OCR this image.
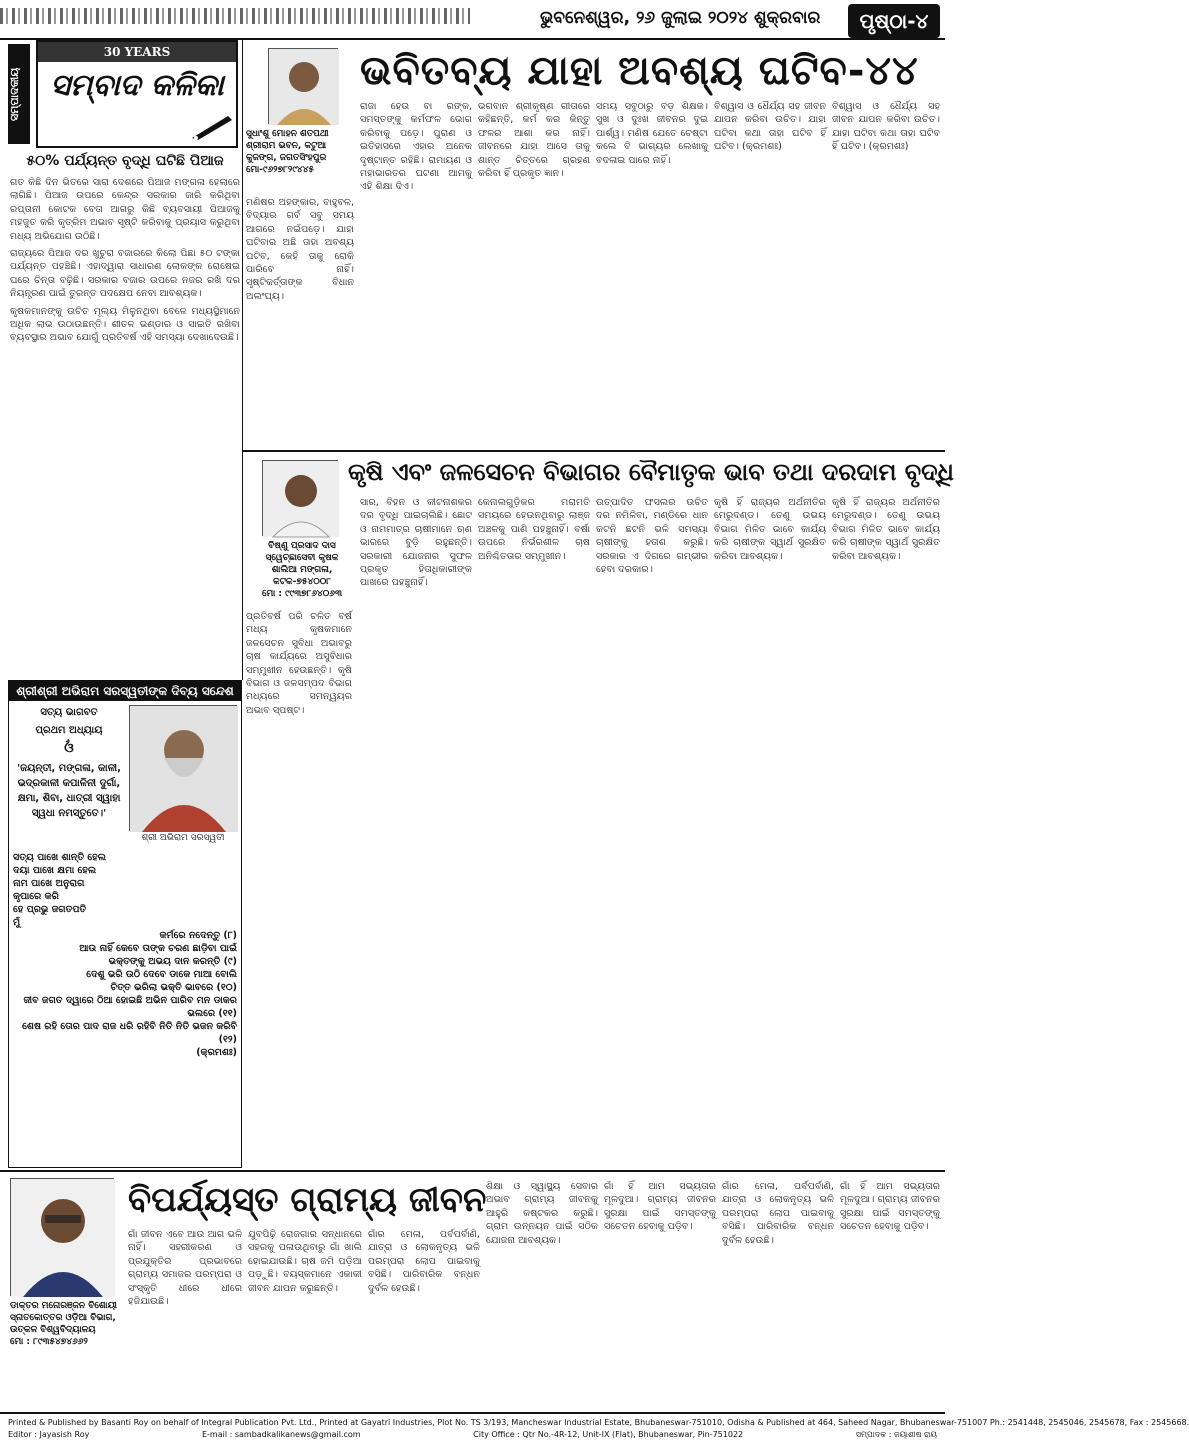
ଭୁବନେଶ୍ୱର, ୨୬ ଜୁଲାଇ ୨୦୨୪ ଶୁକ୍ରବାର	ପୃଷ୍ଠା-୪
ସମ୍ପାଦକୀୟ
30 YEARS
ସମ୍ବାଦ କଳିକା
୫୦% ପର୍ଯ୍ୟନ୍ତ ବୃଦ୍ଧି ଘଟିଛି ପିଆଜ

ଗତ କିଛି ଦିନ ଭିତରେ ସାରା ଦେଶରେ ପିଆଜ ମଙ୍ଗଳା ହେଲାରେ ଲାଗିଛି। ପିଆଜ ଉପରେ କେନ୍ଦ୍ର ସରକାର ଜାରି କରିଥିବା ରପ୍ତାନୀ କୋଟକ ବେତା ଆଗରୁ କିଛି ବ୍ୟବସାୟୀ ପିଆଜକୁ ମହଜୁତ କରି କୃତ୍ରିମ ଅଭାବ ସୃଷ୍ଟି କରିବାକୁ ପ୍ରୟାସ କରୁଥିବା ମଧ୍ୟ ଅଭିଯୋଗ ଉଠିଛି।

ରାଜ୍ୟରେ ପିଆଜ ଦର ଖୁଚୁରା ବଜାରରେ କିଲୋ ପିଛା ୫୦ ଟଙ୍କା ପର୍ଯ୍ୟନ୍ତ ପହଞ୍ଚିଛି। ଏହାଦ୍ୱାରା ସାଧାରଣ ଲୋକଙ୍କ ରୋଷେଇ ଘରେ ଚିନ୍ତା ବଢ଼ିଛି। ସରକାର ବଜାର ଉପରେ ନଜର ରଖି ଦର ନିୟନ୍ତ୍ରଣ ପାଇଁ ତୁରନ୍ତ ପଦକ୍ଷେପ ନେବା ଆବଶ୍ୟକ।

କୃଷକମାନଙ୍କୁ ଉଚିତ ମୂଲ୍ୟ ମିଳୁନଥିବା ବେଳେ ମଧ୍ୟସ୍ଥିମାନେ ଅଧିକ ଲାଭ ଉଠାଉଛନ୍ତି। ଶୀତଳ ଭଣ୍ଡାର ଓ ସାଇତି ରଖିବା ବ୍ୟବସ୍ଥାର ଅଭାବ ଯୋଗୁଁ ପ୍ରତିବର୍ଷ ଏହି ସମସ୍ୟା ଦେଖାଦେଉଛି।

ସୁଧାଂଶୁ ମୋହନ ଶତପଥୀ
ଶ୍ରୀରାମ ଭବନ, କଟୁଆ
କୁଜଙ୍ଗ, ଜଗତସିଂହପୁର
ମୋ-୯୬୨୭୮୨୯୪୪୫
ଭବିତବ୍ୟ ଯାହା ଅବଶ୍ୟ ଘଟିବ-୪୪
ମଣିଷର ଅହଙ୍କାର, ବାହୁବଳ, ବିଦ୍ୟାର ଗର୍ବ ସବୁ ସମୟ ଆଗରେ ନଇଁପଡ଼େ। ଯାହା ଘଟିବାର ଅଛି ତାହା ଅବଶ୍ୟ ଘଟିବ, କେହି ତାକୁ ରୋକି ପାରିବେ ନାହିଁ। ସୃଷ୍ଟିକର୍ତ୍ତାଙ୍କ ବିଧାନ ଅଲଂଘ୍ୟ।
ରାଜା ହେଉ ବା ରଙ୍କ, ସମସ୍ତଙ୍କୁ କର୍ମଫଳ ଭୋଗ କରିବାକୁ ପଡ଼େ। ପୁରାଣ ଓ ଇତିହାସରେ ଏହାର ଅନେକ ଦୃଷ୍ଟାନ୍ତ ରହିଛି। ରାମାୟଣ ଓ ମହାଭାରତର ଘଟଣା ଆମକୁ ଏହି ଶିକ୍ଷା ଦିଏ।
ଭଗବାନ ଶ୍ରୀକୃଷ୍ଣ ଗୀତାରେ କହିଛନ୍ତି, କର୍ମ କର କିନ୍ତୁ ଫଳର ଆଶା କର ନାହିଁ। ଜୀବନରେ ଯାହା ଆସେ ତାକୁ ଶାନ୍ତ ଚିତ୍ତରେ ଗ୍ରହଣ କରିବା ହିଁ ପ୍ରକୃତ ଜ୍ଞାନ।
ସମୟ ସବୁଠାରୁ ବଡ଼ ଶିକ୍ଷକ। ସୁଖ ଓ ଦୁଃଖ ଜୀବନର ଦୁଇ ପାର୍ଶ୍ୱ। ମଣିଷ ଯେତେ ଚେଷ୍ଟା କଲେ ବି ଭାଗ୍ୟର ଲେଖାକୁ ବଦଳାଇ ପାରେ ନାହିଁ।
ବିଶ୍ୱାସ ଓ ଧୈର୍ଯ୍ୟ ସହ ଜୀବନ ଯାପନ କରିବା ଉଚିତ। ଯାହା ଘଟିବା କଥା ତାହା ଘଟିବ ହିଁ ଘଟିବ। (କ୍ରମଶଃ)
ବିଶ୍ୱାସ ଓ ଧୈର୍ଯ୍ୟ ସହ ଜୀବନ ଯାପନ କରିବା ଉଚିତ। ଯାହା ଘଟିବା କଥା ତାହା ଘଟିବ ହିଁ ଘଟିବ। (କ୍ରମଶଃ)
ବିଷ୍ଣୁ ପ୍ରସାଦ ଦାସ
ସ୍ୱେଚ୍ଛାସେବୀ କୃଷକ
ଶାଲିଆ ମଙ୍ଗଳା,
କଟକ-୭୫୪୦୦୮
ମୋ : ୯୯୩୭୮୬୪୦୬୩
କୃଷି ଏବଂ ଜଳସେଚନ ବିଭାଗର ବୈମାତୃକ ଭାବ ତଥା ଦରଦାମ ବୃଦ୍ଧି
ପ୍ରତିବର୍ଷ ପରି ଚଳିତ ବର୍ଷ ମଧ୍ୟ କୃଷକମାନେ ଜଳସେଚନ ସୁବିଧା ଅଭାବରୁ ଚାଷ କାର୍ଯ୍ୟରେ ଅସୁବିଧାର ସମ୍ମୁଖୀନ ହେଉଛନ୍ତି। କୃଷି ବିଭାଗ ଓ ଜଳସମ୍ପଦ ବିଭାଗ ମଧ୍ୟରେ ସମନ୍ୱୟର ଅଭାବ ସ୍ପଷ୍ଟ।
ସାର, ବିହନ ଓ କୀଟନାଶକର ଦର ବୃଦ୍ଧି ପାଇଚାଲିଛି। ଛୋଟ ଓ ନାମମାତ୍ର ଚାଷୀମାନେ ଋଣ ଭାରରେ ବୁଡ଼ି ରହୁଛନ୍ତି। ସରକାରୀ ଯୋଜନାର ସୁଫଳ ପ୍ରକୃତ ହିତାଧିକାରୀଙ୍କ ପାଖରେ ପହଞ୍ଚୁନାହିଁ।
କେନାଲଗୁଡ଼ିକର ମରାମତି ସମୟରେ ହେଉନଥିବାରୁ ଲାଞ୍ଜ ଅଞ୍ଚଳକୁ ପାଣି ପହଞ୍ଚୁନାହିଁ। ବର୍ଷା ଉପରେ ନିର୍ଭରଶୀଳ ଚାଷ ଅନିଶ୍ଚିତତାର ସମ୍ମୁଖୀନ।
ଉତ୍ପାଦିତ ଫସଲର ଉଚିତ ଦର ନମିଳିବା, ମଣ୍ଡିରେ ଧାନ କଟନି ଛଟନି ଭଳି ସମସ୍ୟା ଚାଷୀଙ୍କୁ ହତାଶ କରୁଛି। ସରକାର ଏ ଦିଗରେ ଗମ୍ଭୀର ହେବା ଦରକାର।
କୃଷି ହିଁ ରାଜ୍ୟର ଅର୍ଥନୀତିର ମେରୁଦଣ୍ଡ। ତେଣୁ ଉଭୟ ବିଭାଗ ମିଳିତ ଭାବେ କାର୍ଯ୍ୟ କରି ଚାଷୀଙ୍କ ସ୍ୱାର୍ଥ ସୁରକ୍ଷିତ କରିବା ଆବଶ୍ୟକ।
କୃଷି ହିଁ ରାଜ୍ୟର ଅର୍ଥନୀତିର ମେରୁଦଣ୍ଡ। ତେଣୁ ଉଭୟ ବିଭାଗ ମିଳିତ ଭାବେ କାର୍ଯ୍ୟ କରି ଚାଷୀଙ୍କ ସ୍ୱାର୍ଥ ସୁରକ୍ଷିତ କରିବା ଆବଶ୍ୟକ।
ଶ୍ରୀଶ୍ରୀ ଅଭିରାମ ସରସ୍ୱତୀଙ୍କ ଦିବ୍ୟ ସନ୍ଦେଶ
ସତ୍ୟ ଭାଗବତ
ପ୍ରଥମ ଅଧ୍ୟାୟ
ଓଁ
'ଜୟନ୍ତୀ, ମଙ୍ଗଳା, କାଳୀ, ଭଦ୍ରକାଳୀ କପାଳିନୀ ଦୁର୍ଗା, କ୍ଷମା, ଶିବା, ଧାତ୍ରୀ ସ୍ୱାହା ସ୍ୱଧା ନମସ୍ତୁତେ।'
ଶ୍ରୀ ଅଭିରାମ ସରସ୍ୱତୀ
ସତ୍ୟ ପାଖେ ଶାନ୍ତି ହେଲ
ଦୟା ପାଖେ କ୍ଷମା ହେଲ
ନାମ ପାଖେ ଅନୁରାଗ
କୃପାରେ କରି
ହେ ପ୍ରଭୁ ଜଗତପତି
ମୁଁ
କର୍ମରେ ନଦେନ୍ତୁ (୮)
ଆଉ ନାହିଁ କେବେ ତାଙ୍କ ଚରଣ ଛାଡ଼ିବା ପାଇଁ
ଭକ୍ତଙ୍କୁ ଅଭୟ ଦାନ କରନ୍ତି (୯)
ଦେଶୁ ଭରି ଉଠି ଦେବେ ଡାକେ ମାଆ ବୋଲି
ଚିତ୍ତ ଭରିଲା ଭକ୍ତି ଭାବରେ (୧୦)
ଜୀବ ଜଗତ ଦ୍ୱାରେ ଠିଆ ହୋଇଛି ଅଭିନ ପାରିବ ମନ ଡାକର ଭଲରେ (୧୧)
ଶେଷ ରହି ତୋର ପାଦ ରାଜ ଧରି ରହିବି ନିତି ନିତି ଭଜନ କରିବି (୧୨)
(କ୍ରମଶଃ)
ଡାକ୍ତର ମନୋରଞ୍ଜନ ବିଶୋୟୀ
ସ୍ନାତକୋତ୍ତର ଓଡ଼ିଆ ବିଭାଗ,
ଉତ୍କଳ ବିଶ୍ୱବିଦ୍ୟାଳୟ
ମୋ : ୮୯୩୫୪୭୪୬୬୨
ବିପର୍ଯ୍ୟସ୍ତ ଗ୍ରାମ୍ୟ ଜୀବନ
ଗାଁ ଜୀବନ ଏବେ ଆଉ ଆଗ ଭଳି ନାହିଁ। ସହରୀକରଣ ଓ ପ୍ରଯୁକ୍ତିର ପ୍ରଭାବରେ ଗ୍ରାମ୍ୟ ସମାଜର ପରମ୍ପରା ଓ ସଂସ୍କୃତି ଧୀରେ ଧୀରେ ହଜିଯାଉଛି।
ଯୁବପିଢ଼ି ରୋଜଗାର ସନ୍ଧାନରେ ସହରକୁ ପଳାଉଥିବାରୁ ଗାଁ ଖାଲି ହୋଇଯାଉଛି। ଚାଷ ଜମି ପଡ଼ିଆ ପଡ଼ୁଛି। ବୟସ୍କମାନେ ଏକାକୀ ଜୀବନ ଯାପନ କରୁଛନ୍ତି।
ଗାଁର ମେଳା, ପର୍ବପର୍ବାଣି, ଯାତ୍ରା ଓ ଲୋକନୃତ୍ୟ ଭଳି ପରମ୍ପରା ଲୋପ ପାଇବାକୁ ବସିଛି। ପାରିବାରିକ ବନ୍ଧନ ଦୁର୍ବଳ ହେଉଛି।
ଶିକ୍ଷା ଓ ସ୍ୱାସ୍ଥ୍ୟ ସେବାର ଅଭାବ ଗ୍ରାମ୍ୟ ଜୀବନକୁ ଆହୁରି କଷ୍ଟକର କରୁଛି। ଗ୍ରାମ ଉନ୍ନୟନ ପାଇଁ ସଠିକ ଯୋଜନା ଆବଶ୍ୟକ।
ଗାଁ ହିଁ ଆମ ସଭ୍ୟତାର ମୂଳଦୁଆ। ଗ୍ରାମ୍ୟ ଜୀବନର ସୁରକ୍ଷା ପାଇଁ ସମସ୍ତଙ୍କୁ ସଚେତନ ହେବାକୁ ପଡ଼ିବ।
ଗାଁର ମେଳା, ପର୍ବପର୍ବାଣି, ଯାତ୍ରା ଓ ଲୋକନୃତ୍ୟ ଭଳି ପରମ୍ପରା ଲୋପ ପାଇବାକୁ ବସିଛି। ପାରିବାରିକ ବନ୍ଧନ ଦୁର୍ବଳ ହେଉଛି।
ଗାଁ ହିଁ ଆମ ସଭ୍ୟତାର ମୂଳଦୁଆ। ଗ୍ରାମ୍ୟ ଜୀବନର ସୁରକ୍ଷା ପାଇଁ ସମସ୍ତଙ୍କୁ ସଚେତନ ହେବାକୁ ପଡ଼ିବ।
Printed & Published by Basanti Roy on behalf of Integral Publication Pvt. Ltd., Printed at Gayatri Industries, Plot No. TS 3/193, Mancheswar Industrial Estate, Bhubaneswar-751010, Odisha & Published at 464, Saheed Nagar, Bhubaneswar-751007 Ph.: 2541448, 2545046, 2545678, Fax : 2545668.
Editor : Jayasish Roy	E-mail : sambadkalikanews@gmail.com	City Office : Qtr No.-4R-12, Unit-IX (Flat), Bhubaneswar, Pin-751022	ସମ୍ପାଦକ : ଜୟାଶୀଷ ରାୟ
